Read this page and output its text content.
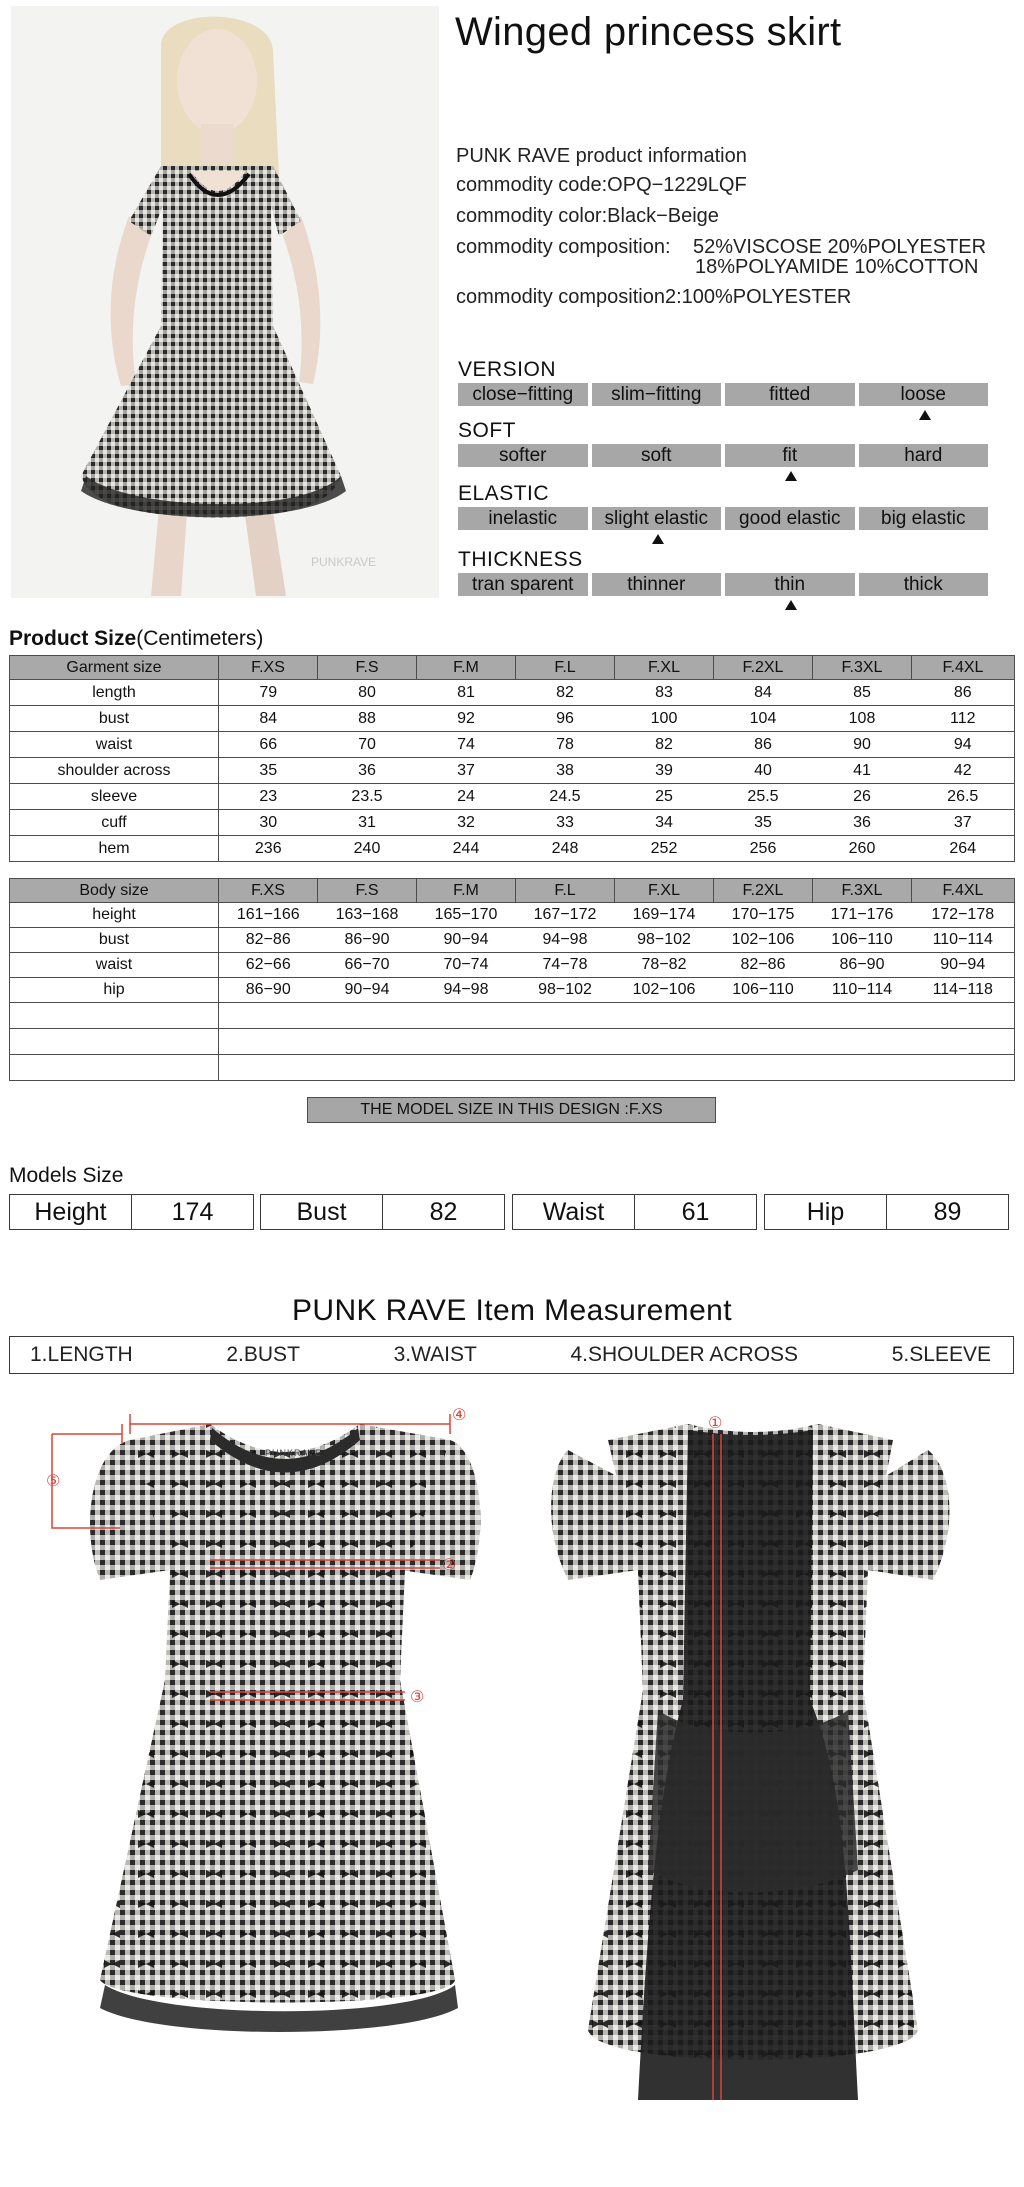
PUNKRAVE
Winged princess skirt
PUNK RAVE product information
commodity code:OPQ−1229LQF
commodity color:Black−Beige
commodity composition: 52%VISCOSE 20%POLYESTER
18%POLYAMIDE 10%COTTON
commodity composition2:100%POLYESTER
VERSION
close−fitting	slim−fitting	fitted	loose
SOFT
softer	soft	fit	hard
ELASTIC
inelastic	slight elastic	good elastic	big elastic
THICKNESS
tran sparent	thinner	thin	thick
Product Size(Centimeters)
Garment size	F.XS	F.S	F.M	F.L	F.XL	F.2XL	F.3XL	F.4XL
length	79	80	81	82	83	84	85	86
bust	84	88	92	96	100	104	108	112
waist	66	70	74	78	82	86	90	94
shoulder across	35	36	37	38	39	40	41	42
sleeve	23	23.5	24	24.5	25	25.5	26	26.5
cuff	30	31	32	33	34	35	36	37
hem	236	240	244	248	252	256	260	264
Body size	F.XS	F.S	F.M	F.L	F.XL	F.2XL	F.3XL	F.4XL
height	161−166	163−168	165−170	167−172	169−174	170−175	171−176	172−178
bust	82−86	86−90	90−94	94−98	98−102	102−106	106−110	110−114
waist	62−66	66−70	70−74	74−78	78−82	82−86	86−90	90−94
hip	86−90	90−94	94−98	98−102	102−106	106−110	110−114	114−118

THE MODEL SIZE IN THIS DESIGN :F.XS
Models Size
Height	174	Bust	82	Waist	61	Hip	89
PUNK RAVE Item Measurement
1.LENGTH	2.BUST	3.WAIST	4.SHOULDER ACROSS	5.SLEEVE
PUNKRAVE
⑤
④
②
③
①
